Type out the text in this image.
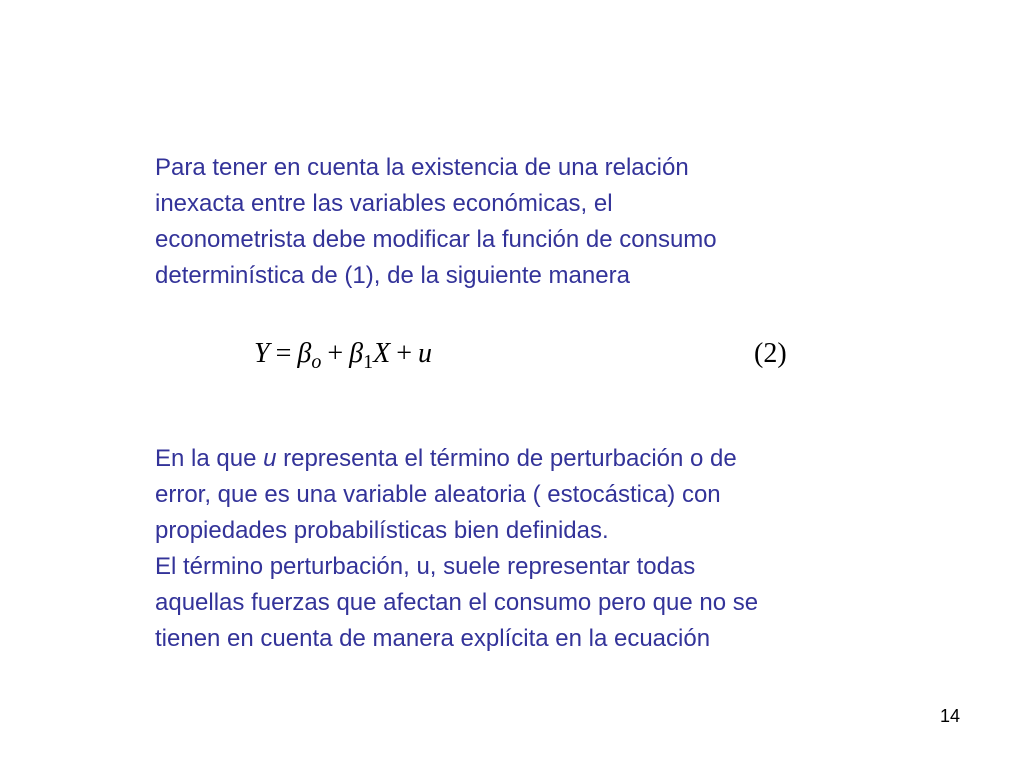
Para tener en cuenta la existencia de una relación
inexacta entre las variables económicas, el
econometrista debe modificar la función de consumo
determinística de (1), de la siguiente manera

$Y = \beta_o + \beta_1X + u$	(2)

En la que u representa el término de perturbación o de
error, que es una variable aleatoria ( estocástica) con
propiedades probabilísticas bien definidas.
El término perturbación, u, suele representar todas
aquellas fuerzas que afectan el consumo pero que no se
tienen en cuenta de manera explícita en la ecuación

14
